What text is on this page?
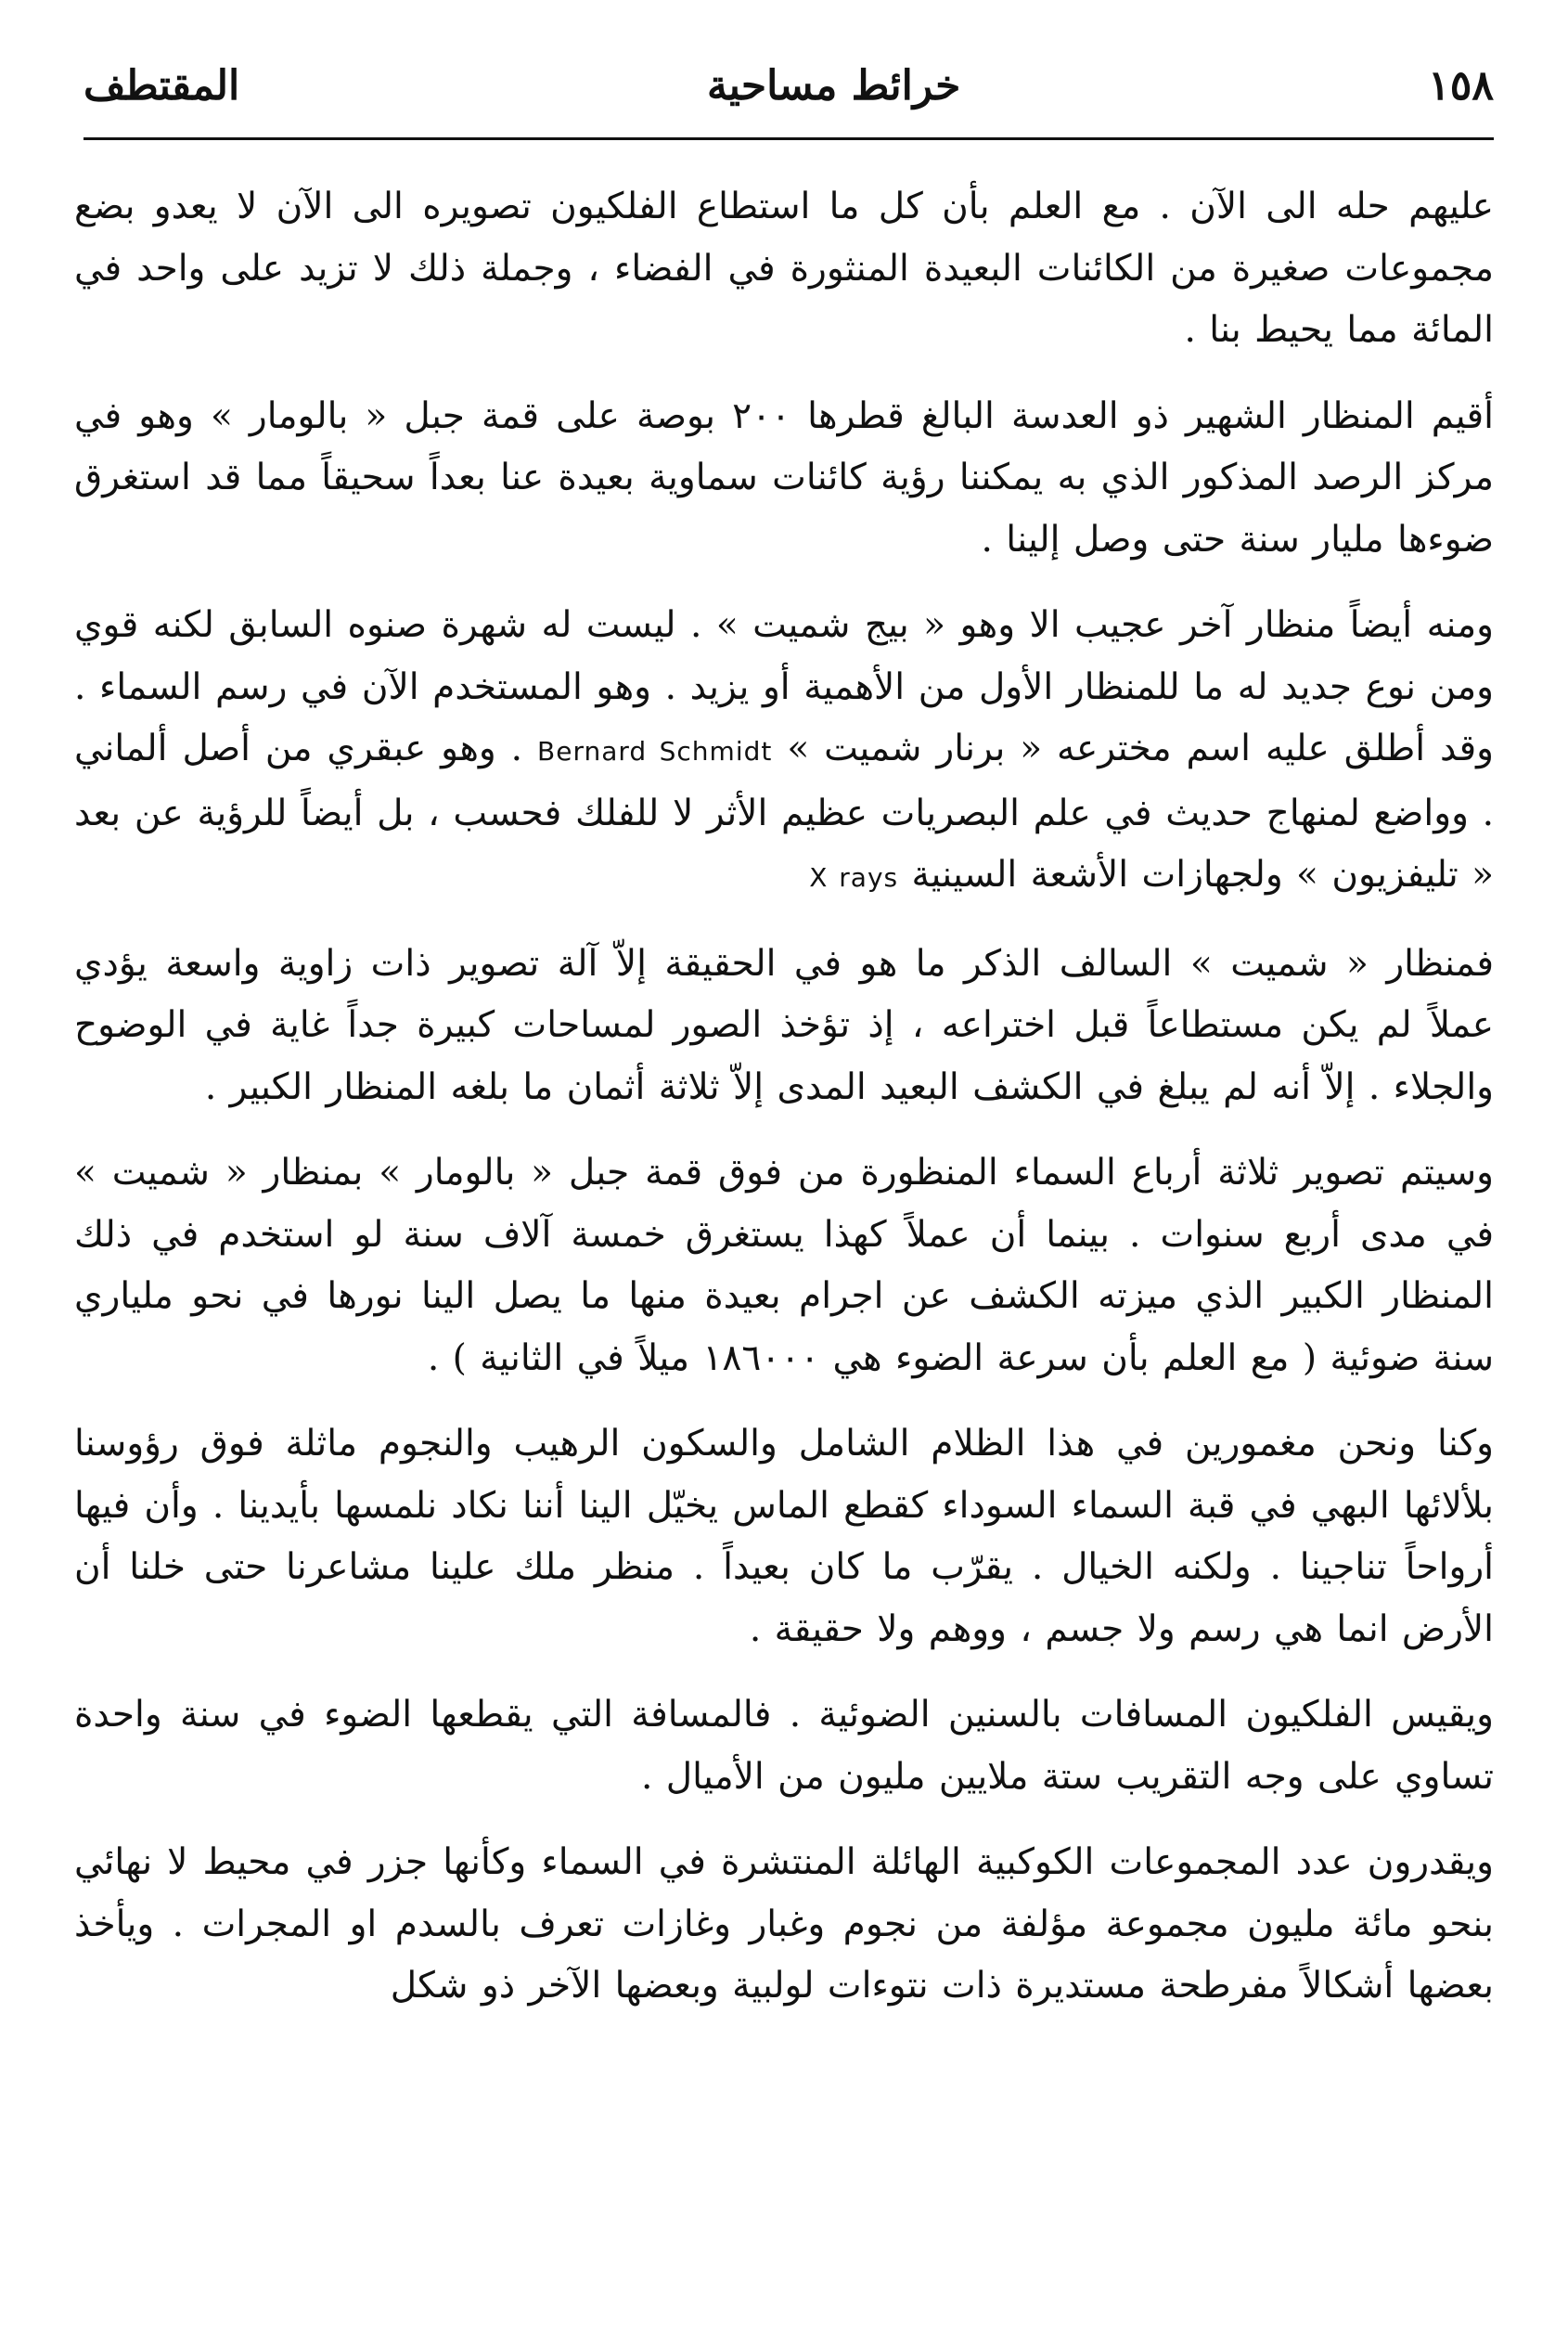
١٥٨
خرائط مساحية
المقتطف

عليهم حله الى الآن . مع العلم بأن كل ما استطاع الفلكيون تصويره الى الآن لا يعدو بضع مجموعات صغيرة من الكائنات البعيدة المنثورة في الفضاء ، وجملة ذلك لا تزيد على واحد في المائة مما يحيط بنا .

أقيم المنظار الشهير ذو العدسة البالغ قطرها ٢٠٠ بوصة على قمة جبل « بالومار » وهو في مركز الرصد المذكور الذي به يمكننا رؤية كائنات سماوية بعيدة عنا بعداً سحيقاً مما قد استغرق ضوءها مليار سنة حتى وصل إلينا .

ومنه أيضاً منظار آخر عجيب الا وهو « بيج شميت » . ليست له شهرة صنوه السابق لكنه قوي ومن نوع جديد له ما للمنظار الأول من الأهمية أو يزيد . وهو المستخدم الآن في رسم السماء . وقد أطلق عليه اسم مخترعه « برنار شميت » Bernard Schmidt . وهو عبقري من أصل ألماني . وواضع لمنهاج حديث في علم البصريات عظيم الأثر لا للفلك فحسب ، بل أيضاً للرؤية عن بعد « تليفزيون » ولجهازات الأشعة السينية X rays

فمنظار « شميت » السالف الذكر ما هو في الحقيقة إلاّ آلة تصوير ذات زاوية واسعة يؤدي عملاً لم يكن مستطاعاً قبل اختراعه ، إذ تؤخذ الصور لمساحات كبيرة جداً غاية في الوضوح والجلاء . إلاّ أنه لم يبلغ في الكشف البعيد المدى إلاّ ثلاثة أثمان ما بلغه المنظار الكبير .

وسيتم تصوير ثلاثة أرباع السماء المنظورة من فوق قمة جبل « بالومار » بمنظار « شميت » في مدى أربع سنوات . بينما أن عملاً كهذا يستغرق خمسة آلاف سنة لو استخدم في ذلك المنظار الكبير الذي ميزته الكشف عن اجرام بعيدة منها ما يصل الينا نورها في نحو ملياري سنة ضوئية ( مع العلم بأن سرعة الضوء هي ١٨٦٠٠٠ ميلاً في الثانية ) .

وكنا ونحن مغمورين في هذا الظلام الشامل والسكون الرهيب والنجوم ماثلة فوق رؤوسنا بلألائها البهي في قبة السماء السوداء كقطع الماس يخيّل الينا أننا نكاد نلمسها بأيدينا . وأن فيها أرواحاً تناجينا . ولكنه الخيال . يقرّب ما كان بعيداً . منظر ملك علينا مشاعرنا حتى خلنا أن الأرض انما هي رسم ولا جسم ، ووهم ولا حقيقة .

ويقيس الفلكيون المسافات بالسنين الضوئية . فالمسافة التي يقطعها الضوء في سنة واحدة تساوي على وجه التقريب ستة ملايين مليون من الأميال .

ويقدرون عدد المجموعات الكوكبية الهائلة المنتشرة في السماء وكأنها جزر في محيط لا نهائي بنحو مائة مليون مجموعة مؤلفة من نجوم وغبار وغازات تعرف بالسدم او المجرات . ويأخذ بعضها أشكالاً مفرطحة مستديرة ذات نتوءات لولبية وبعضها الآخر ذو شكل
